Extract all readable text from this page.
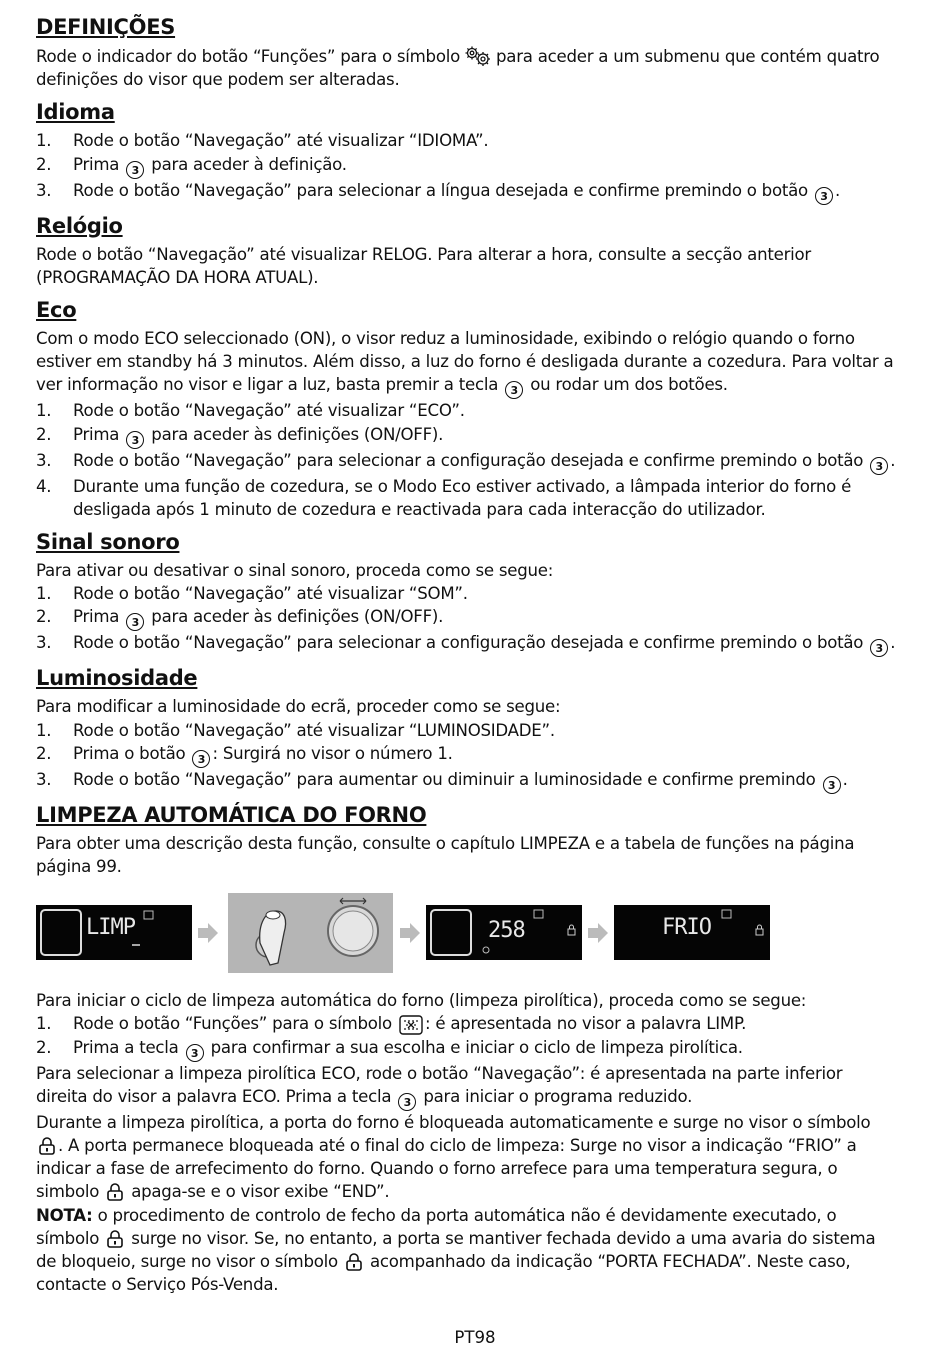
DEFINIÇÕES

Rode o indicador do botão “Funções” para o símbolo para aceder a um submenu que contém quatro definições do visor que podem ser alteradas.

Idioma
1.	Rode o botão “Navegação” até visualizar “IDIOMA”.
2.	Prima 3 para aceder à definição.
3.	Rode o botão “Navegação” para selecionar a língua desejada e confirme premindo o botão 3 .
Relógio

Rode o botão “Navegação” até visualizar RELOG. Para alterar a hora, consulte a secção anterior (PROGRAMAÇÃO DA HORA ATUAL).

Eco

Com o modo ECO seleccionado (ON), o visor reduz a luminosidade, exibindo o relógio quando o forno estiver em standby há 3 minutos. Além disso, a luz do forno é desligada durante a cozedura. Para voltar a ver informação no visor e ligar a luz, basta premir a tecla 3 ou rodar um dos botões.

1.	Rode o botão “Navegação” até visualizar “ECO”.
2.	Prima 3 para aceder às definições (ON/OFF).
3.	Rode o botão “Navegação” para selecionar a configuração desejada e confirme premindo o botão 3 .
4.	Durante uma função de cozedura, se o Modo Eco estiver activado, a lâmpada interior do forno é desligada após 1 minuto de cozedura e reactivada para cada interacção do utilizador.
Sinal sonoro

Para ativar ou desativar o sinal sonoro, proceda como se segue:

1.	Rode o botão “Navegação” até visualizar “SOM”.
2.	Prima 3 para aceder às definições (ON/OFF).
3.	Rode o botão “Navegação” para selecionar a configuração desejada e confirme premindo o botão 3 .
Luminosidade

Para modificar a luminosidade do ecrã, proceder como se segue:

1.	Rode o botão “Navegação” até visualizar “LUMINOSIDADE”.
2.	Prima o botão 3 : Surgirá no visor o número 1.
3.	Rode o botão “Navegação” para aumentar ou diminuir a luminosidade e confirme premindo 3 .
LIMPEZA AUTOMÁTICA DO FORNO

Para obter uma descrição desta função, consulte o capítulo LIMPEZA e a tabela de funções na página página 99.

LIMP	258	FRIO

Para iniciar o ciclo de limpeza automática do forno (limpeza pirolítica), proceda como se segue:

1.	Rode o botão “Funções” para o símbolo : é apresentada no visor a palavra LIMP.
2.	Prima a tecla 3 para confirmar a sua escolha e iniciar o ciclo de limpeza pirolítica.

Para selecionar a limpeza pirolítica ECO, rode o botão “Navegação”: é apresentada na parte inferior direita do visor a palavra ECO. Prima a tecla 3 para iniciar o programa reduzido.

Durante a limpeza pirolítica, a porta do forno é bloqueada automaticamente e surge no visor o símbolo . A porta permanece bloqueada até o final do ciclo de limpeza: Surge no visor a indicação “FRIO” a indicar a fase de arrefecimento do forno. Quando o forno arrefece para uma temperatura segura, o simbolo apaga-se e o visor exibe “END”.

NOTA: o procedimento de controlo de fecho da porta automática não é devidamente executado, o símbolo surge no visor. Se, no entanto, a porta se mantiver fechada devido a uma avaria do sistema de bloqueio, surge no visor o símbolo acompanhado da indicação “PORTA FECHADA”. Neste caso, contacte o Serviço Pós-Venda.

PT98
